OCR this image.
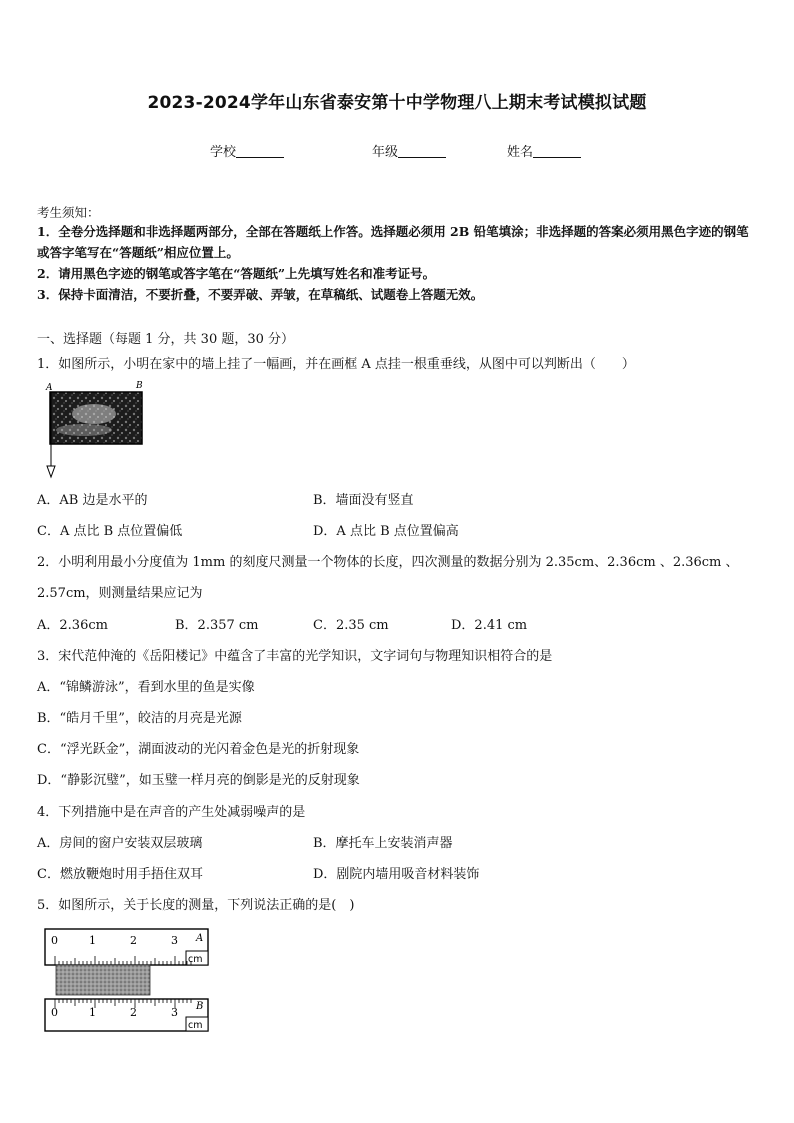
2023-2024学年山东省泰安第十中学物理八上期末考试模拟试题
学校	年级	姓名
考生须知：
1．全卷分选择题和非选择题两部分，全部在答题纸上作答。选择题必须用 2B 铅笔填涂；非选择题的答案必须用黑色字迹的钢笔或答字笔写在“答题纸”相应位置上。
2．请用黑色字迹的钢笔或答字笔在“答题纸”上先填写姓名和准考证号。
3．保持卡面清洁，不要折叠，不要弄破、弄皱，在草稿纸、试题卷上答题无效。
一、选择题（每题 1 分，共 30 题，30 分）
1．如图所示，小明在家中的墙上挂了一幅画，并在画框 A 点挂一根重垂线，从图中可以判断出（　　）
A	B
A．AB 边是水平的	B．墙面没有竖直
C．A 点比 B 点位置偏低	D．A 点比 B 点位置偏高
2．小明利用最小分度值为 1mm 的刻度尺测量一个物体的长度，四次测量的数据分别为 2.35cm、2.36cm 、2.36cm 、
2.57cm，则测量结果应记为
A．2.36cm	B．2.357 cm	C．2.35 cm	D．2.41 cm
3．宋代范仲淹的《岳阳楼记》中蕴含了丰富的光学知识，文字词句与物理知识相符合的是
A．“锦鳞游泳”，看到水里的鱼是实像
B．“皓月千里”，皎洁的月亮是光源
C．“浮光跃金”，湖面波动的光闪着金色是光的折射现象
D．“静影沉璧”，如玉璧一样月亮的倒影是光的反射现象
4．下列措施中是在声音的产生处减弱噪声的是
A．房间的窗户安装双层玻璃	B．摩托车上安装消声器
C．燃放鞭炮时用手捂住双耳	D．剧院内墙用吸音材料装饰
5．如图所示，关于长度的测量，下列说法正确的是(　)
0	1	2	3 A
cm
0	1	2	3 B
cm
